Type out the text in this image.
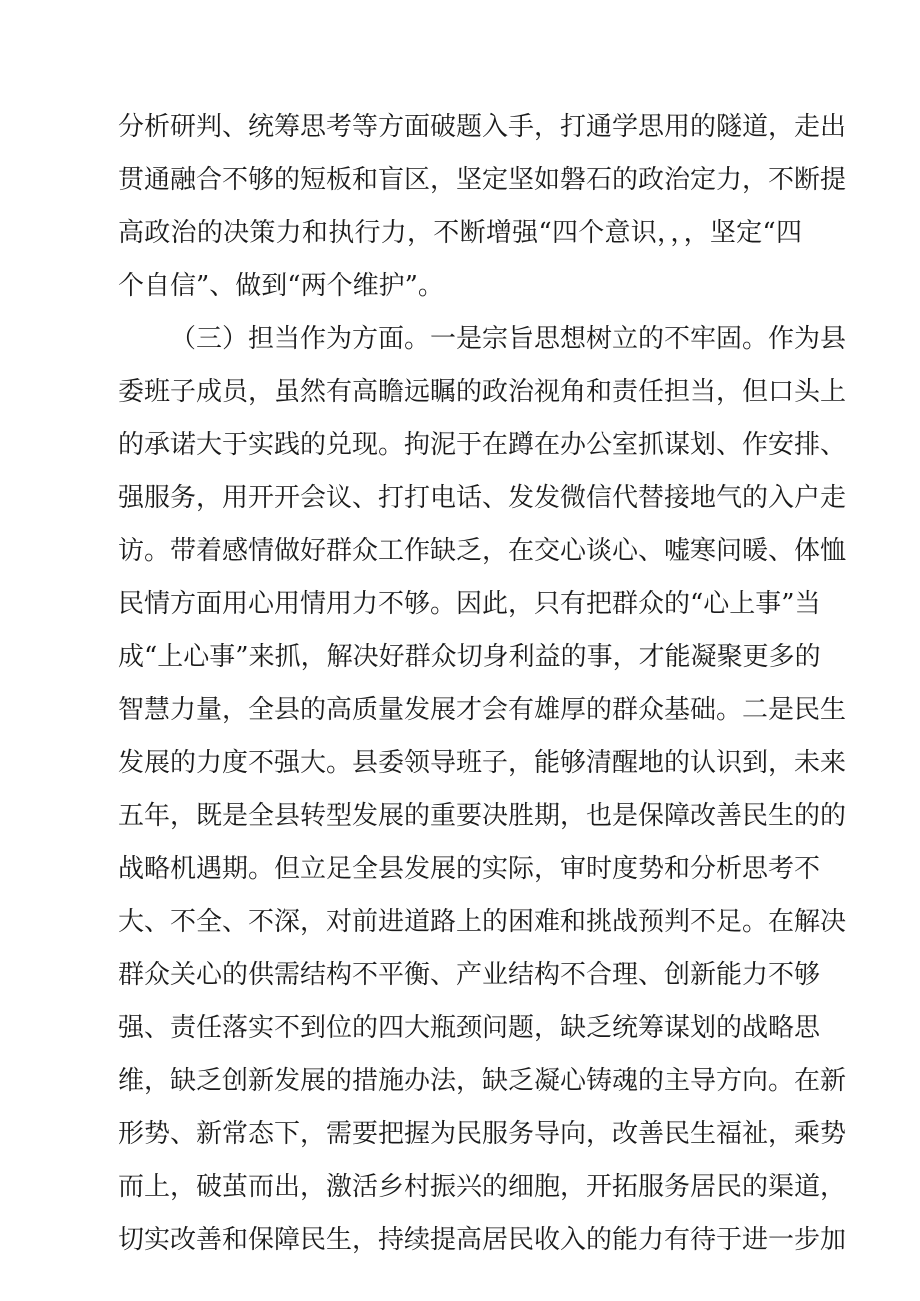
分析研判、统筹思考等方面破题入手，打通学思用的隧道，走出
贯通融合不够的短板和盲区，坚定坚如磐石的政治定力，不断提
高政治的决策力和执行力，不断增强“四个意识，，，坚定“四
个自信”、做到“两个维护”。
（三）担当作为方面。一是宗旨思想树立的不牢固。作为县
委班子成员，虽然有高瞻远瞩的政治视角和责任担当，但口头上
的承诺大于实践的兑现。拘泥于在蹲在办公室抓谋划、作安排、
强服务，用开开会议、打打电话、发发微信代替接地气的入户走
访。带着感情做好群众工作缺乏，在交心谈心、嘘寒问暖、体恤
民情方面用心用情用力不够。因此，只有把群众的“心上事”当
成“上心事”来抓，解决好群众切身利益的事，才能凝聚更多的
智慧力量，全县的高质量发展才会有雄厚的群众基础。二是民生
发展的力度不强大。县委领导班子，能够清醒地的认识到，未来
五年，既是全县转型发展的重要决胜期，也是保障改善民生的的
战略机遇期。但立足全县发展的实际，审时度势和分析思考不
大、不全、不深，对前进道路上的困难和挑战预判不足。在解决
群众关心的供需结构不平衡、产业结构不合理、创新能力不够
强、责任落实不到位的四大瓶颈问题，缺乏统筹谋划的战略思
维，缺乏创新发展的措施办法，缺乏凝心铸魂的主导方向。在新
形势、新常态下，需要把握为民服务导向，改善民生福祉，乘势
而上，破茧而出，激活乡村振兴的细胞，开拓服务居民的渠道，
切实改善和保障民生，持续提高居民收入的能力有待于进一步加
